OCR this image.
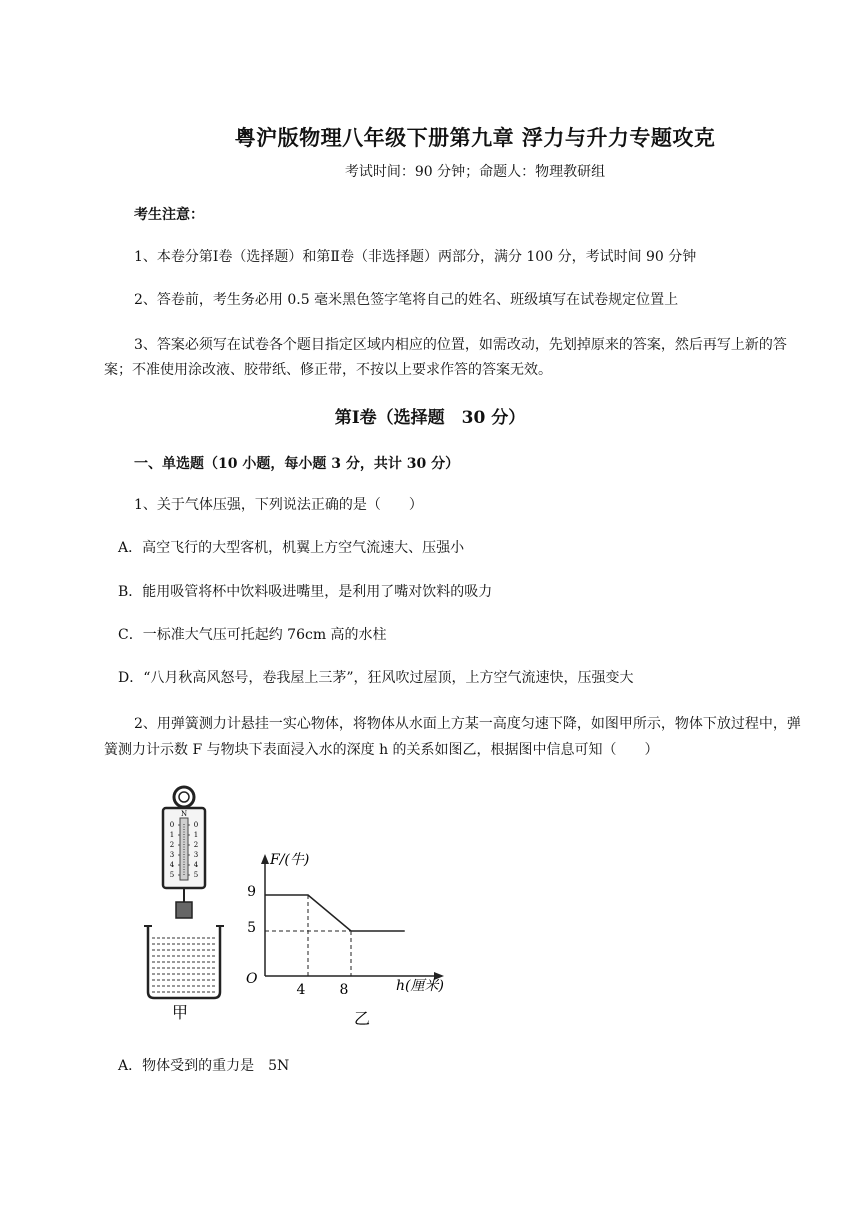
粤沪版物理八年级下册第九章 浮力与升力专题攻克
考试时间：90 分钟；命题人：物理教研组
考生注意：
1、本卷分第Ⅰ卷（选择题）和第Ⅱ卷（非选择题）两部分，满分 100 分，考试时间 90 分钟
2、答卷前，考生务必用 0.5 毫米黑色签字笔将自己的姓名、班级填写在试卷规定位置上
3、答案必须写在试卷各个题目指定区域内相应的位置，如需改动，先划掉原来的答案，然后再写上新的答案；不准使用涂改液、胶带纸、修正带，不按以上要求作答的答案无效。
第Ⅰ卷（选择题　30 分）
一、单选题（10 小题，每小题 3 分，共计 30 分）
1、关于气体压强，下列说法正确的是（　　）
A．高空飞行的大型客机，机翼上方空气流速大、压强小
B．能用吸管将杯中饮料吸进嘴里，是利用了嘴对饮料的吸力
C．一标准大气压可托起约 76cm 高的水柱
D．“八月秋高风怒号，卷我屋上三茅”，狂风吹过屋顶，上方空气流速快，压强变大
2、用弹簧测力计悬挂一实心物体，将物体从水面上方某一高度匀速下降，如图甲所示，物体下放过程中，弹簧测力计示数 F 与物块下表面浸入水的深度 h 的关系如图乙，根据图中信息可知（　　）
N
0	0
1	1
2	2
3	3
4	4
5	5
甲
F/(牛)
h(厘米)
O
9
5
4 8
乙
A．物体受到的重力是　5N
